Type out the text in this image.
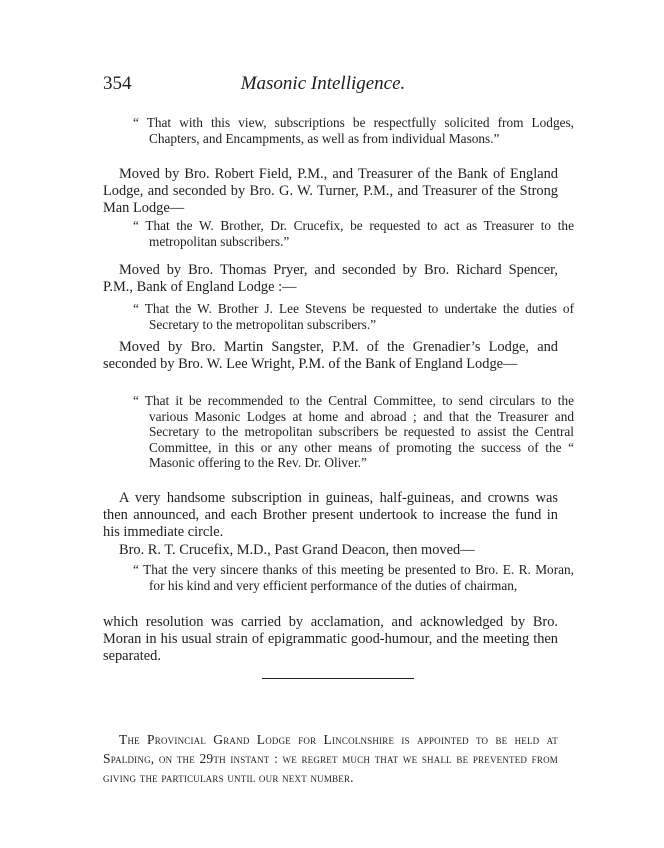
354	Masonic Intelligence.

“ That with this view, subscriptions be respectfully solicited from Lodges, Chapters, and Encampments, as well as from individual Masons.”

Moved by Bro. Robert Field, P.M., and Treasurer of the Bank of England Lodge, and seconded by Bro. G. W. Turner, P.M., and Treasurer of the Strong Man Lodge—

“ That the W. Brother, Dr. Crucefix, be requested to act as Treasurer to the metropolitan subscribers.”

Moved by Bro. Thomas Pryer, and seconded by Bro. Richard Spencer, P.M., Bank of England Lodge :—

“ That the W. Brother J. Lee Stevens be requested to undertake the duties of Secretary to the metropolitan subscribers.”

Moved by Bro. Martin Sangster, P.M. of the Grenadier’s Lodge, and seconded by Bro. W. Lee Wright, P.M. of the Bank of England Lodge—

“ That it be recommended to the Central Committee, to send circulars to the various Masonic Lodges at home and abroad ; and that the Treasurer and Secretary to the metropolitan subscribers be requested to assist the Central Committee, in this or any other means of promoting the success of the “ Masonic offering to the Rev. Dr. Oliver.”

A very handsome subscription in guineas, half-guineas, and crowns was then announced, and each Brother present undertook to increase the fund in his immediate circle.

Bro. R. T. Crucefix, M.D., Past Grand Deacon, then moved—

“ That the very sincere thanks of this meeting be presented to Bro. E. R. Moran, for his kind and very efficient performance of the duties of chairman,

which resolution was carried by acclamation, and acknowledged by Bro. Moran in his usual strain of epigrammatic good-humour, and the meeting then separated.

The Provincial Grand Lodge for Lincolnshire is appointed to be held at Spalding, on the 29th instant : we regret much that we shall be prevented from giving the particulars until our next number.
